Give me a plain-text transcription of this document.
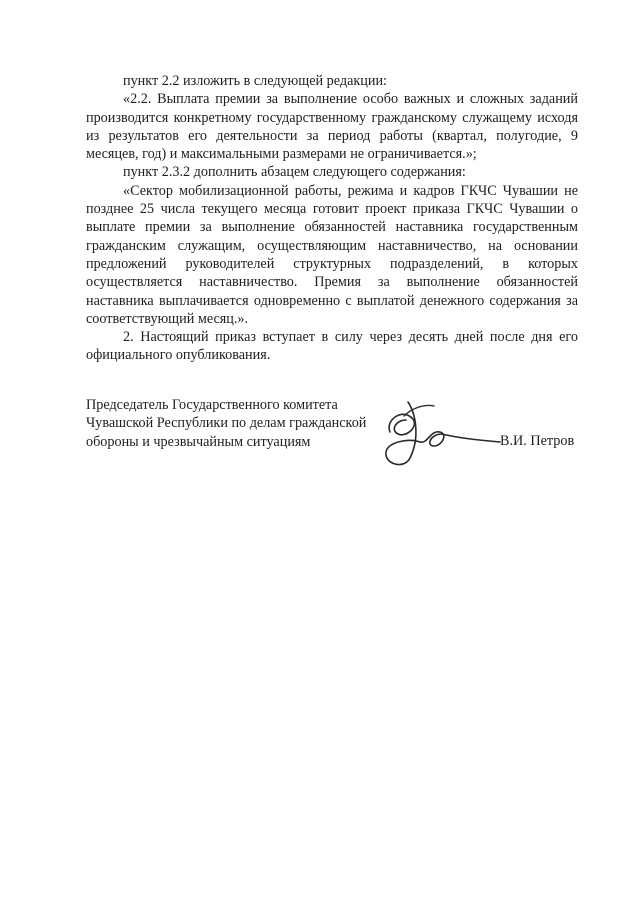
пункт 2.2 изложить в следующей редакции:

«2.2. Выплата премии за выполнение особо важных и сложных заданий производится конкретному государственному гражданскому служащему исходя из результатов его деятельности за период работы (квартал, полугодие, 9 месяцев, год) и максимальными размерами не ограничивается.»;

пункт 2.3.2 дополнить абзацем следующего содержания:

«Сектор мобилизационной работы, режима и кадров ГКЧС Чувашии не позднее 25 числа текущего месяца готовит проект приказа ГКЧС Чувашии о выплате премии за выполнение обязанностей наставника государственным гражданским служащим, осуществляющим наставничество, на основании предложений руководителей структурных подразделений, в которых осуществляется наставничество. Премия за выполнение обязанностей наставника выплачивается одновременно с выплатой денежного содержания за соответствующий месяц.».

2. Настоящий приказ вступает в силу через десять дней после дня его официального опубликования.

Председатель Государственного комитета
Чувашской Республики по делам гражданской
обороны и чрезвычайным ситуациям	В.И. Петров
